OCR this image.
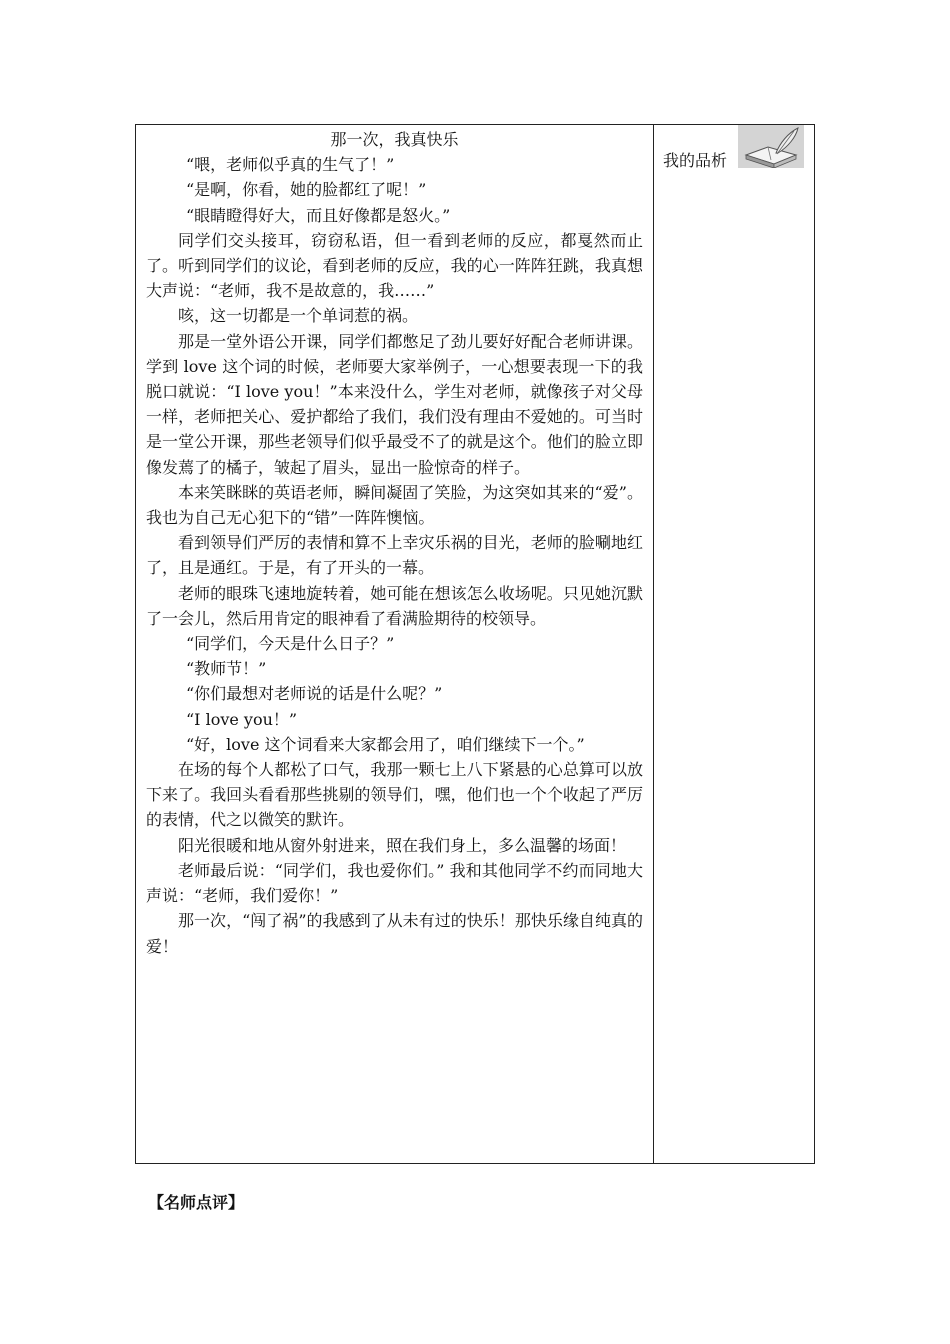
那一次，我真快乐

“喂，老师似乎真的生气了！”

“是啊，你看，她的脸都红了呢！”

“眼睛瞪得好大，而且好像都是怒火。”

同学们交头接耳，窃窃私语，但一看到老师的反应，都戛然而止了。听到同学们的议论，看到老师的反应，我的心一阵阵狂跳，我真想大声说：“老师，我不是故意的，我……”

咳，这一切都是一个单词惹的祸。

那是一堂外语公开课，同学们都憋足了劲儿要好好配合老师讲课。学到 love 这个词的时候，老师要大家举例子，一心想要表现一下的我脱口就说：“I love you！”本来没什么，学生对老师，就像孩子对父母一样，老师把关心、爱护都给了我们，我们没有理由不爱她的。可当时是一堂公开课，那些老领导们似乎最受不了的就是这个。他们的脸立即像发蔫了的橘子，皱起了眉头，显出一脸惊奇的样子。

本来笑眯眯的英语老师，瞬间凝固了笑脸，为这突如其来的“爱”。我也为自己无心犯下的“错”一阵阵懊恼。

看到领导们严厉的表情和算不上幸灾乐祸的目光，老师的脸唰地红了，且是通红。于是，有了开头的一幕。

老师的眼珠飞速地旋转着，她可能在想该怎么收场呢。只见她沉默了一会儿，然后用肯定的眼神看了看满脸期待的校领导。

“同学们，今天是什么日子？”

“教师节！”

“你们最想对老师说的话是什么呢？”

“I love you！”

“好，love 这个词看来大家都会用了，咱们继续下一个。”

在场的每个人都松了口气，我那一颗七上八下紧悬的心总算可以放下来了。我回头看看那些挑剔的领导们，嘿，他们也一个个收起了严厉的表情，代之以微笑的默许。

阳光很暖和地从窗外射进来，照在我们身上，多么温馨的场面！

老师最后说：“同学们，我也爱你们。” 我和其他同学不约而同地大声说：“老师，我们爱你！”

那一次，“闯了祸”的我感到了从未有过的快乐！那快乐缘自纯真的爱！

我的品析
【名师点评】
